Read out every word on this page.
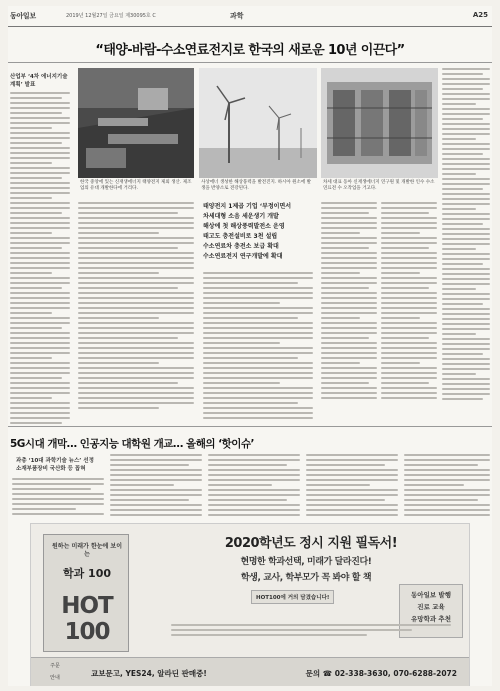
동아일보	2019년 12월27일 금요일 제30095호 C	과학	A25
“태양-바람-수소연료전지로 한국의 새로운 10년 이끈다”
산업부 ‘4차 에너지기술계획’ 발표
한국 중앙에 있는 신재생에너지 태양전지 제외 생산. 제조업의 유대 개발한다에 거리다.
사상에너 생성한 해상풍력을 발전진지. 하시아 원소에 발생을 반양소로 전강된다.
차세 대표 동아 신재생에너지 연구원 및 개발한 인수 수소연료전 수 오작업을 거고다.
태양전지 1제곱 기업 ‘부정이면서
차세대형 소음 세운생기 개발
해상에 첫 해상풍력발전소 운영
태고도 충전설비로 3천 설립
수소연료차 충전소 보급 확대
수소연료전지 연구개발에 확대
5G시대 개막… 인공지능 대학원 개교… 올해의 ‘핫이슈’
과총 ‘10대 과학기술 뉴스’ 선정
소재부품장비 국산화 등 꼽혀
원하는 미래가 한눈에 보이는
학과 100
HOT 100
2020학년도 정시 지원 필독서!
현명한 학과선택, 미래가 달라진다!
학생, 교사, 학부모가 꼭 봐야 할 책
HOT100에 거의 담겼습니다!	동아일보 발행
진로 교육
유망학과 추천
주문
안내	교보문고, YES24, 알라딘 판매중!	문의 ☎ 02-338-3630, 070-6288-2072
